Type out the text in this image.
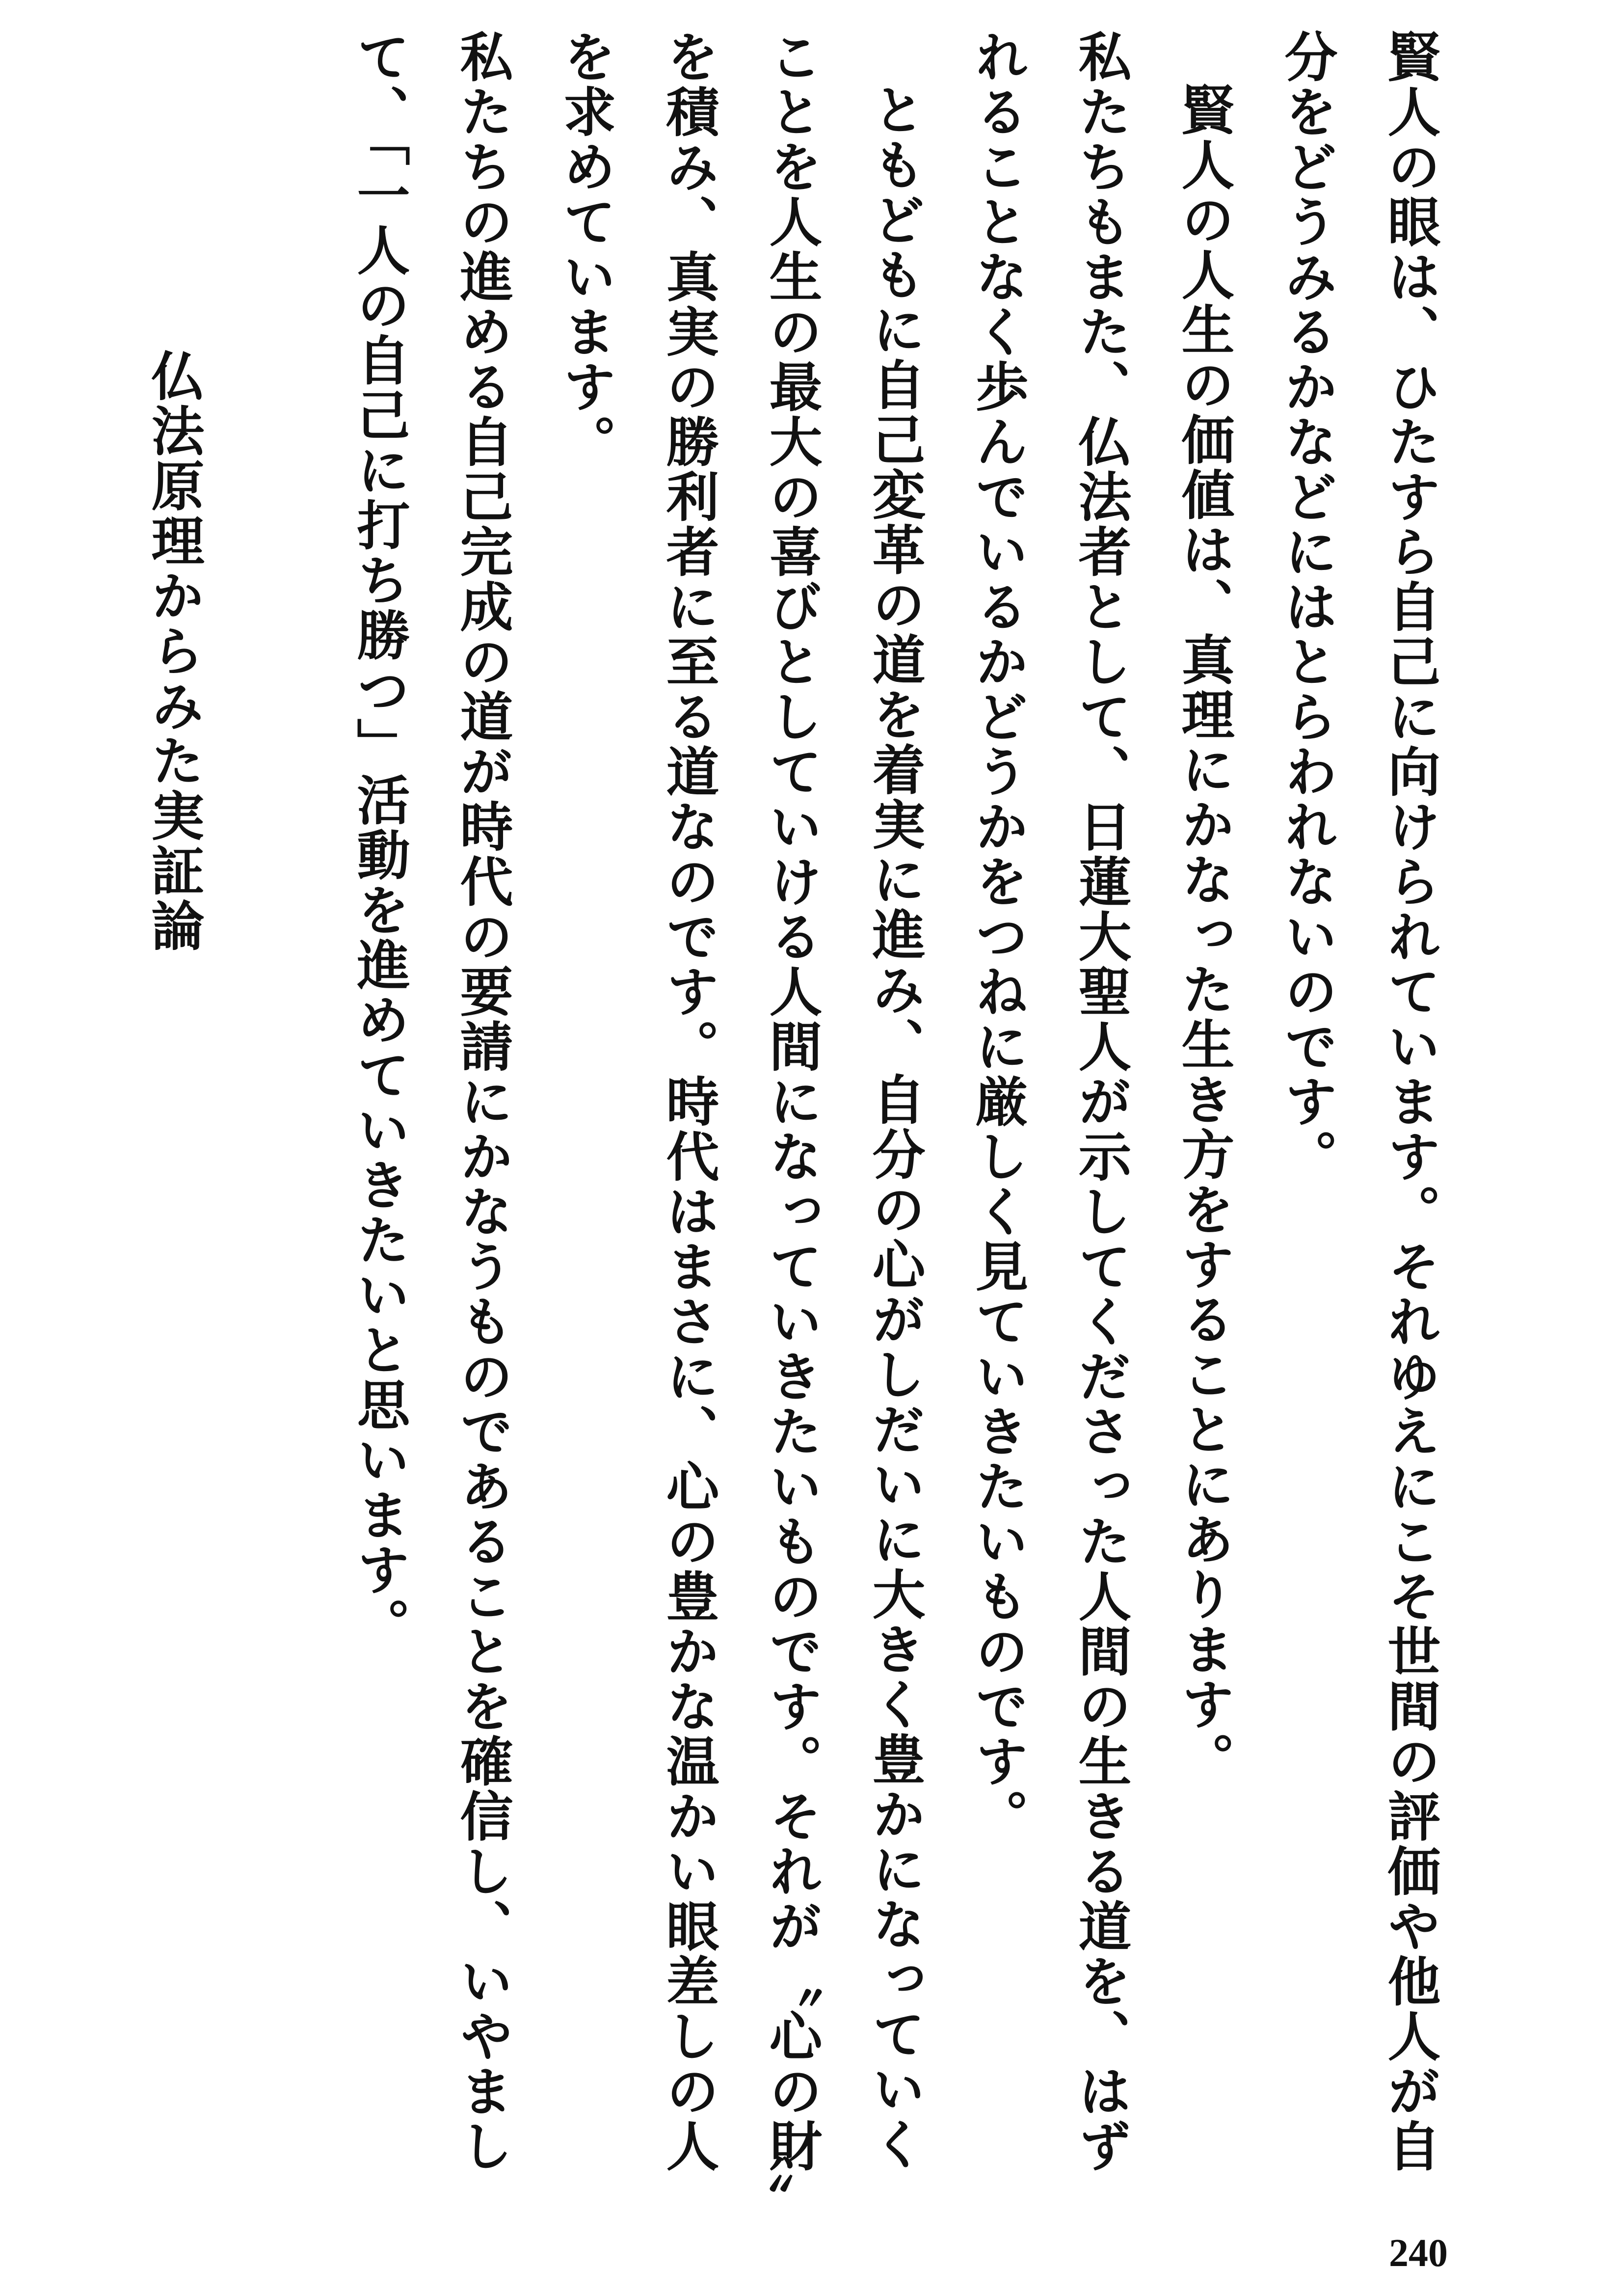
賢人の眼は、ひたすら自己に向けられています。それゆえにこそ世間の評価や他人が自分をどうみるかなどにはとらわれないのです。

賢人の人生の価値は、真理にかなった生き方をすることにあります。

私たちもまた、仏法者として、日蓮大聖人が示してくださった人間の生きる道を、はずれることなく歩んでいるかどうかをつねに厳しく見ていきたいものです。

ともどもに自己変革の道を着実に進み、自分の心がしだいに大きく豊かになっていくことを人生の最大の喜びとしていける人間になっていきたいものです。それが〝心の財〟を積み、真実の勝利者に至る道なのです。時代はまさに、心の豊かな温かい眼差しの人を求めています。

私たちの進める自己完成の道が時代の要請にかなうものであることを確信し、いやまして、「一人の自己に打ち勝つ」活動を進めていきたいと思います。

仏法原理からみた実証論

240
